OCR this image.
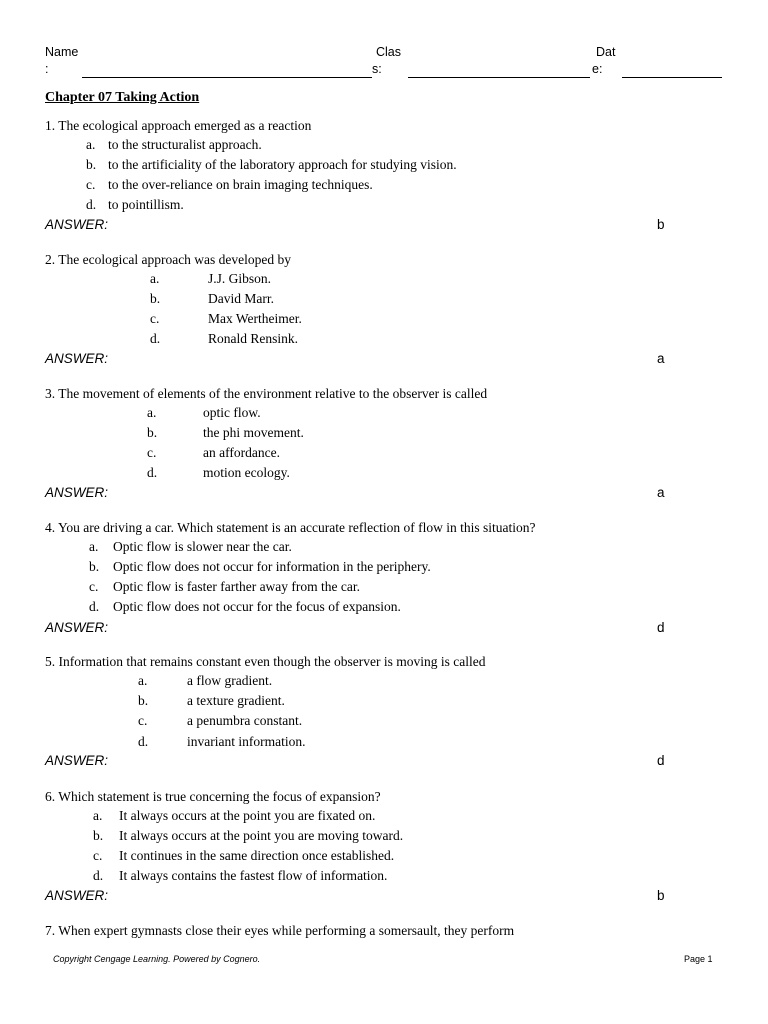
Name
:
Clas
s:
Dat
e:
Chapter 07 Taking Action
1. The ecological approach emerged as a reaction
a. to the structuralist approach.
b. to the artificiality of the laboratory approach for studying vision.
c. to the over-reliance on brain imaging techniques.
d. to pointillism.
ANSWER:	b
2. The ecological approach was developed by
a.	J.J. Gibson.
b.	David Marr.
c.	Max Wertheimer.
d.	Ronald Rensink.
ANSWER:	a
3. The movement of elements of the environment relative to the observer is called
a.	optic flow.
b.	the phi movement.
c.	an affordance.
d.	motion ecology.
ANSWER:	a
4. You are driving a car. Which statement is an accurate reflection of flow in this situation?
a. Optic flow is slower near the car.
b. Optic flow does not occur for information in the periphery.
c. Optic flow is faster farther away from the car.
d. Optic flow does not occur for the focus of expansion.
ANSWER:	d
5. Information that remains constant even though the observer is moving is called
a.	a flow gradient.
b.	a texture gradient.
c.	a penumbra constant.
d.	invariant information.
ANSWER:	d
6. Which statement is true concerning the focus of expansion?
a. It always occurs at the point you are fixated on.
b. It always occurs at the point you are moving toward.
c. It continues in the same direction once established.
d. It always contains the fastest flow of information.
ANSWER:	b
7. When expert gymnasts close their eyes while performing a somersault, they perform
Copyright Cengage Learning. Powered by Cognero.	Page 1
